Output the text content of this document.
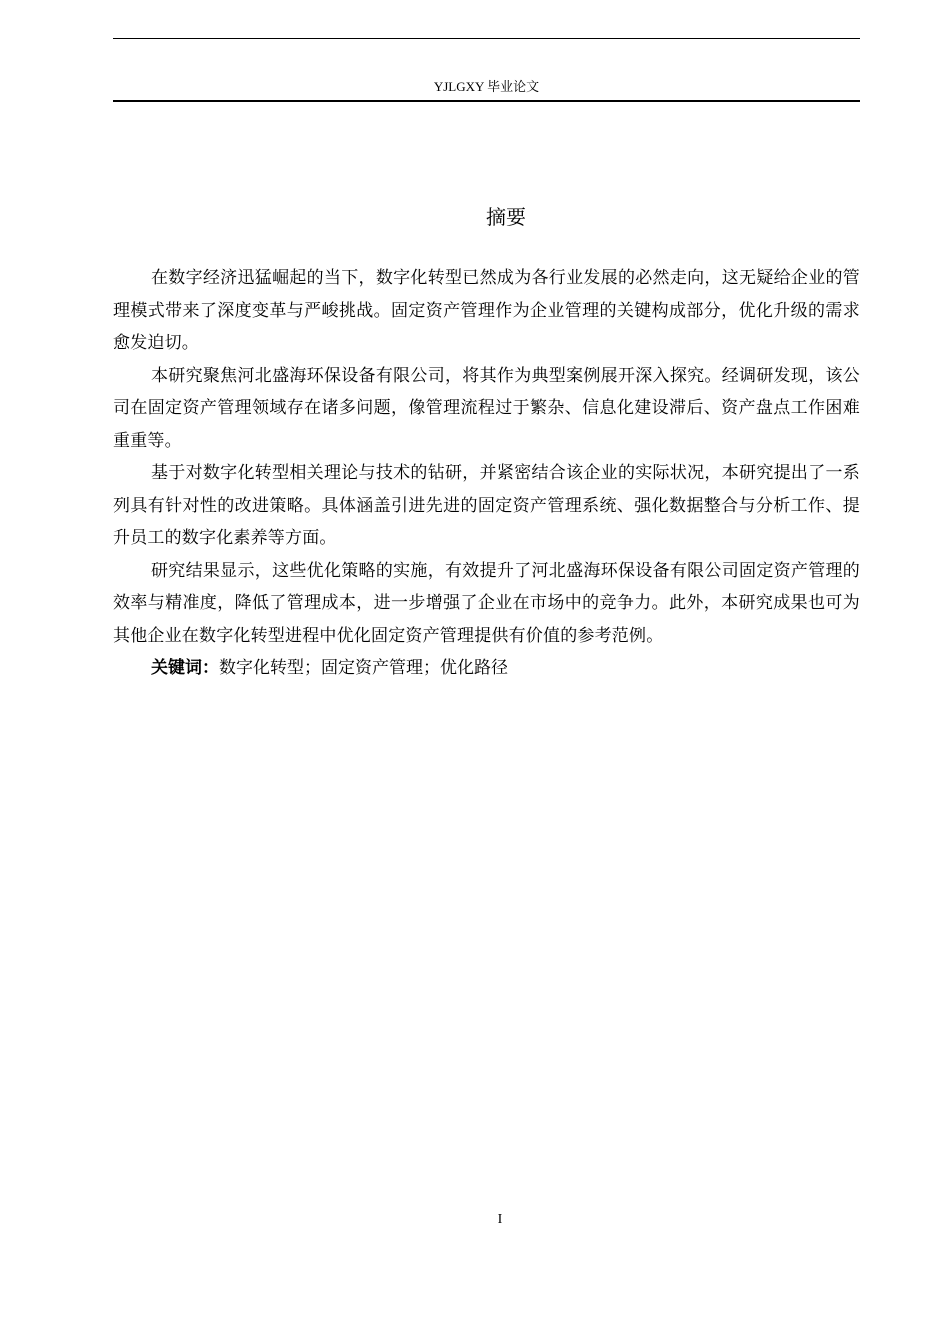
YJLGXY 毕业论文
摘要

在数字经济迅猛崛起的当下，数字化转型已然成为各行业发展的必然走向，这无疑给企业的管理模式带来了深度变革与严峻挑战。固定资产管理作为企业管理的关键构成部分，优化升级的需求愈发迫切。

本研究聚焦河北盛海环保设备有限公司，将其作为典型案例展开深入探究。经调研发现，该公司在固定资产管理领域存在诸多问题，像管理流程过于繁杂、信息化建设滞后、资产盘点工作困难重重等。

基于对数字化转型相关理论与技术的钻研，并紧密结合该企业的实际状况，本研究提出了一系列具有针对性的改进策略。具体涵盖引进先进的固定资产管理系统、强化数据整合与分析工作、提升员工的数字化素养等方面。

研究结果显示，这些优化策略的实施，有效提升了河北盛海环保设备有限公司固定资产管理的效率与精准度，降低了管理成本，进一步增强了企业在市场中的竞争力。此外，本研究成果也可为其他企业在数字化转型进程中优化固定资产管理提供有价值的参考范例。

关键词：数字化转型；固定资产管理；优化路径

I
